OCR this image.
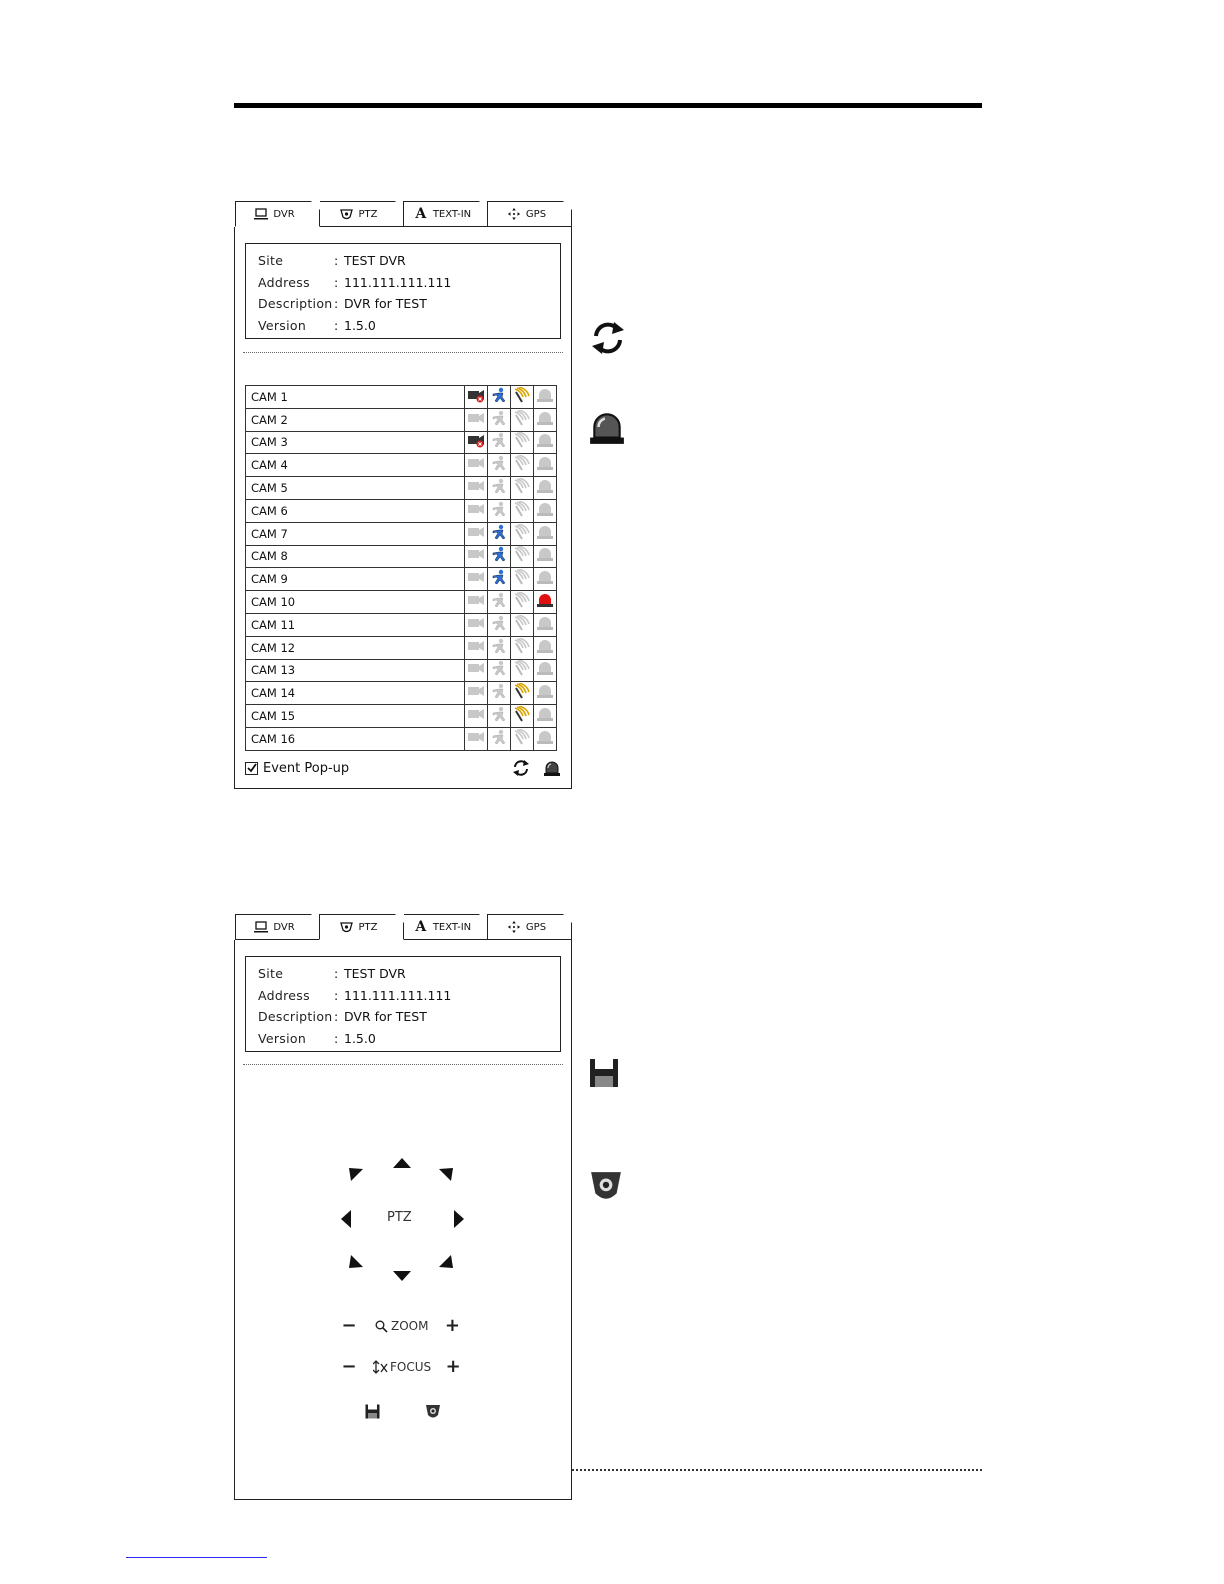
DVR	PTZ	A TEXT-IN	GPS
Site	: TEST DVR
Address	: 111.111.111.111
Description : DVR for TEST
Version	: 1.5.0
CAM 1				
CAM 2				
CAM 3				
CAM 4				
CAM 5				
CAM 6				
CAM 7				
CAM 8				
CAM 9				
CAM 10				
CAM 11				
CAM 12				
CAM 13				
CAM 14				
CAM 15				
CAM 16				
Event Pop-up
DVR	PTZ	A TEXT-IN	GPS
Site	: TEST DVR
Address	: 111.111.111.111
Description : DVR for TEST
Version	: 1.5.0
PTZ
−	ZOOM +
−	FOCUS +
